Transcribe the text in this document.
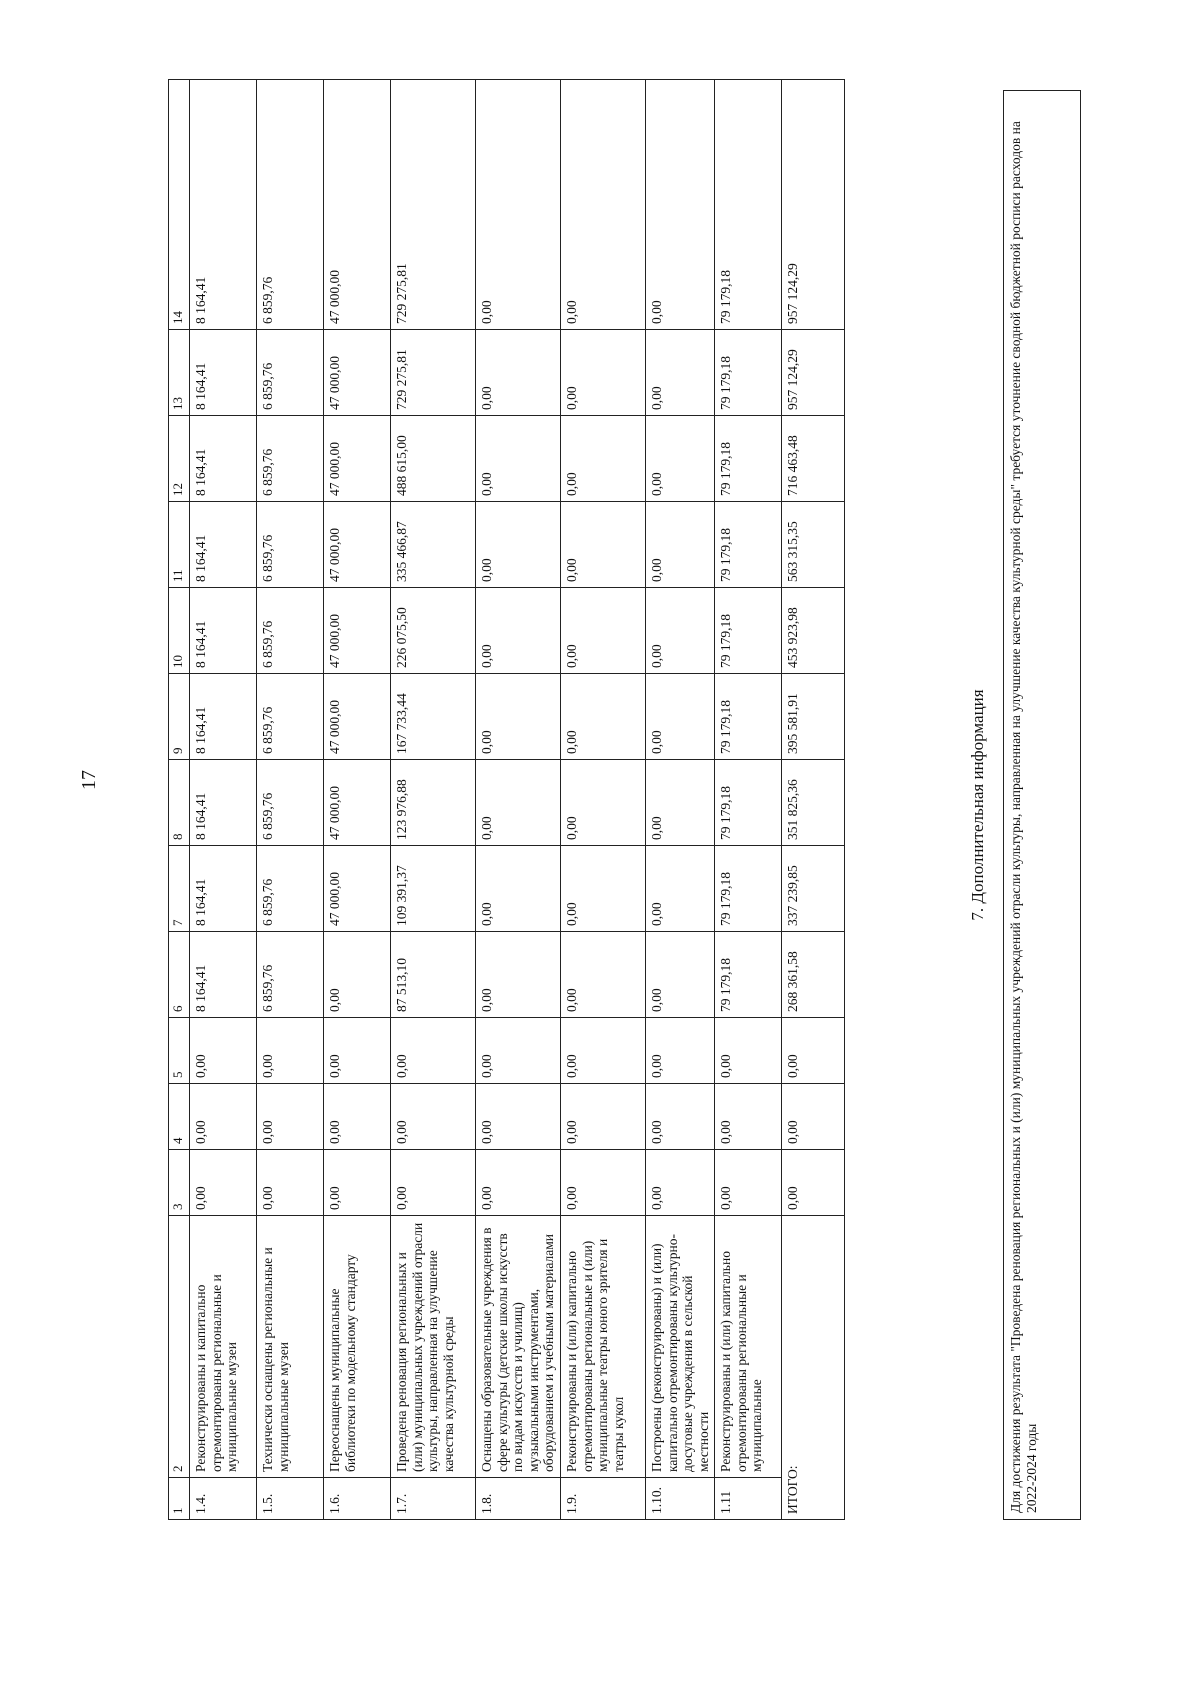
17
1	2	3	4	5	6	7	8	9	10	11	12	13	14
1.4.	Реконструированы и капитально отремонтированы региональные и муниципальные музеи	0,00	0,00	0,00	8 164,41	8 164,41	8 164,41	8 164,41	8 164,41	8 164,41	8 164,41	8 164,41	8 164,41
1.5.	Технически оснащены региональные и муниципальные музеи	0,00	0,00	0,00	6 859,76	6 859,76	6 859,76	6 859,76	6 859,76	6 859,76	6 859,76	6 859,76	6 859,76
1.6.	Переоснащены муниципальные библиотеки по модельному стандарту	0,00	0,00	0,00	0,00	47 000,00	47 000,00	47 000,00	47 000,00	47 000,00	47 000,00	47 000,00	47 000,00
1.7.	Проведена реновация региональных и (или) муниципальных учреждений отрасли культуры, направленная на улучшение качества культурной среды	0,00	0,00	0,00	87 513,10	109 391,37	123 976,88	167 733,44	226 075,50	335 466,87	488 615,00	729 275,81	729 275,81
1.8.	Оснащены образовательные учреждения в сфере культуры (детские школы искусств по видам искусств и училищ) музыкальными инструментами, оборудованием и учебными материалами	0,00	0,00	0,00	0,00	0,00	0,00	0,00	0,00	0,00	0,00	0,00	0,00
1.9.	Реконструированы и (или) капитально отремонтированы региональные и (или) муниципальные театры юного зрителя и театры кукол	0,00	0,00	0,00	0,00	0,00	0,00	0,00	0,00	0,00	0,00	0,00	0,00
1.10.	Построены (реконструированы) и (или) капитально отремонтированы культурно-досуговые учреждения в сельской местности	0,00	0,00	0,00	0,00	0,00	0,00	0,00	0,00	0,00	0,00	0,00	0,00
1.11	Реконструированы и (или) капитально отремонтированы региональные и муниципальные	0,00	0,00	0,00	79 179,18	79 179,18	79 179,18	79 179,18	79 179,18	79 179,18	79 179,18	79 179,18	79 179,18
ИТОГО:		0,00	0,00	0,00	268 361,58	337 239,85	351 825,36	395 581,91	453 923,98	563 315,35	716 463,48	957 124,29	957 124,29
7. Дополнительная информация	Для достижения результата "Проведена реновация региональных и (или) муниципальных учреждений отрасли культуры, направленная на улучшение качества культурной среды" требуется уточнение сводной бюджетной росписи расходов на 2022-2024 годы
